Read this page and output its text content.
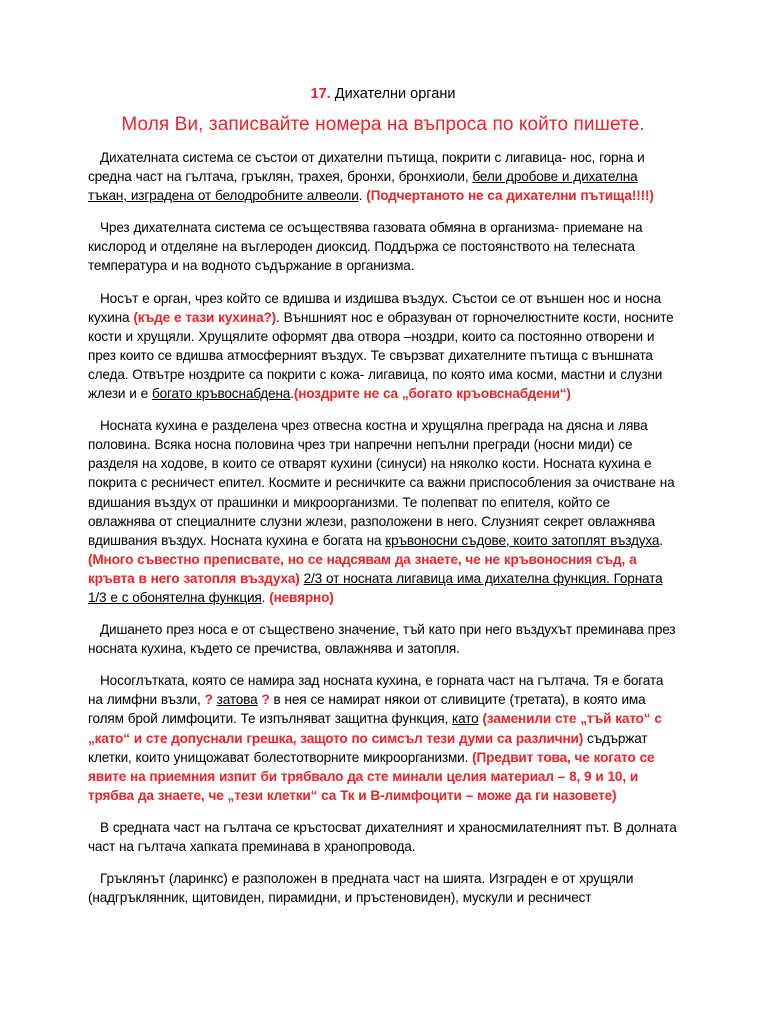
17. Дихателни органи
Моля Ви, записвайте номера на въпроса по който пишете.

Дихателната система се състои от дихателни пътища, покрити с лигавица- нос, горна и средна част на гълтача, гръклян, трахея, бронхи, бронхиоли, бели дробове и дихателна тъкан, изградена от белодробните алвеоли. (Подчертаното не са дихателни пътища!!!!)

Чрез дихателната система се осъществява газовата обмяна в организма- приемане на кислород и отделяне на въглероден диоксид. Поддържа се постоянството на телесната температура и на водното съдържание в организма.

Носът е орган, чрез който се вдишва и издишва въздух. Състои се от външен нос и носна кухина (къде е тази кухина?). Външният нос е образуван от горночелюстните кости, носните кости и хрущяли. Хрущялите оформят два отвора –ноздри, които са постоянно отворени и през които се вдишва атмосферният въздух. Те свързват дихателните пътища с външната следа. Отвътре ноздрите са покрити с кожа- лигавица, по която има косми, мастни и слузни жлези и е богато кръвоснабдена.(ноздрите не са „богато кръовснабдени“)

Носната кухина е разделена чрез отвесна костна и хрущялна преграда на дясна и лява половина. Всяка носна половина чрез три напречни непълни прегради (носни миди) се разделя на ходове, в които се отварят кухини (синуси) на няколко кости. Носната кухина е покрита с ресничест епител. Космите и ресничките са важни приспособления за очистване на вдишания въздух от прашинки и микроорганизми. Те полепват по епителя, който се овлажнява от специалните слузни жлези, разположени в него. Слузният секрет овлажнява вдишвания въздух. Носната кухина е богата на кръвоносни съдове, които затоплят въздуха. (Много съвестно преписвате, но се надсявам да знаете, че не кръвоносния съд, а кръвта в него затопля въздуха) 2/3 от носната лигавица има дихателна функция. Горната 1/3 е с обонятелна функция. (невярно)

Дишането през носа е от съществено значение, тъй като при него въздухът преминава през носната кухина, където се пречиства, овлажнява и затопля.

Носоглътката, която се намира зад носната кухина, е горната част на гълтача. Тя е богата на лимфни възли, ? затова ? в нея се намират някои от сливиците (третата), в която има голям брой лимфоцити. Те изпълняват защитна функция, като (заменили сте „тъй като“ с „като“ и сте допуснали грешка, защото по симсъл тези думи са различни) съдържат клетки, които унищожават болестотворните микроорганизми. (Предвит това, че когато се явите на приемния изпит би трябвало да сте минали целия материал – 8, 9 и 10, и трябва да знаете, че „тези клетки“ са Тк и В-лимфоцити – може да ги назовете)

В средната част на гълтача се кръстосват дихателният и храносмилателният път. В долната част на гълтача хапката преминава в хранопровода.

Гръклянът (ларинкс) е разположен в предната част на шията. Изграден е от хрущяли (надгръклянник, щитовиден, пирамидни, и пръстеновиден), мускули и ресничест
